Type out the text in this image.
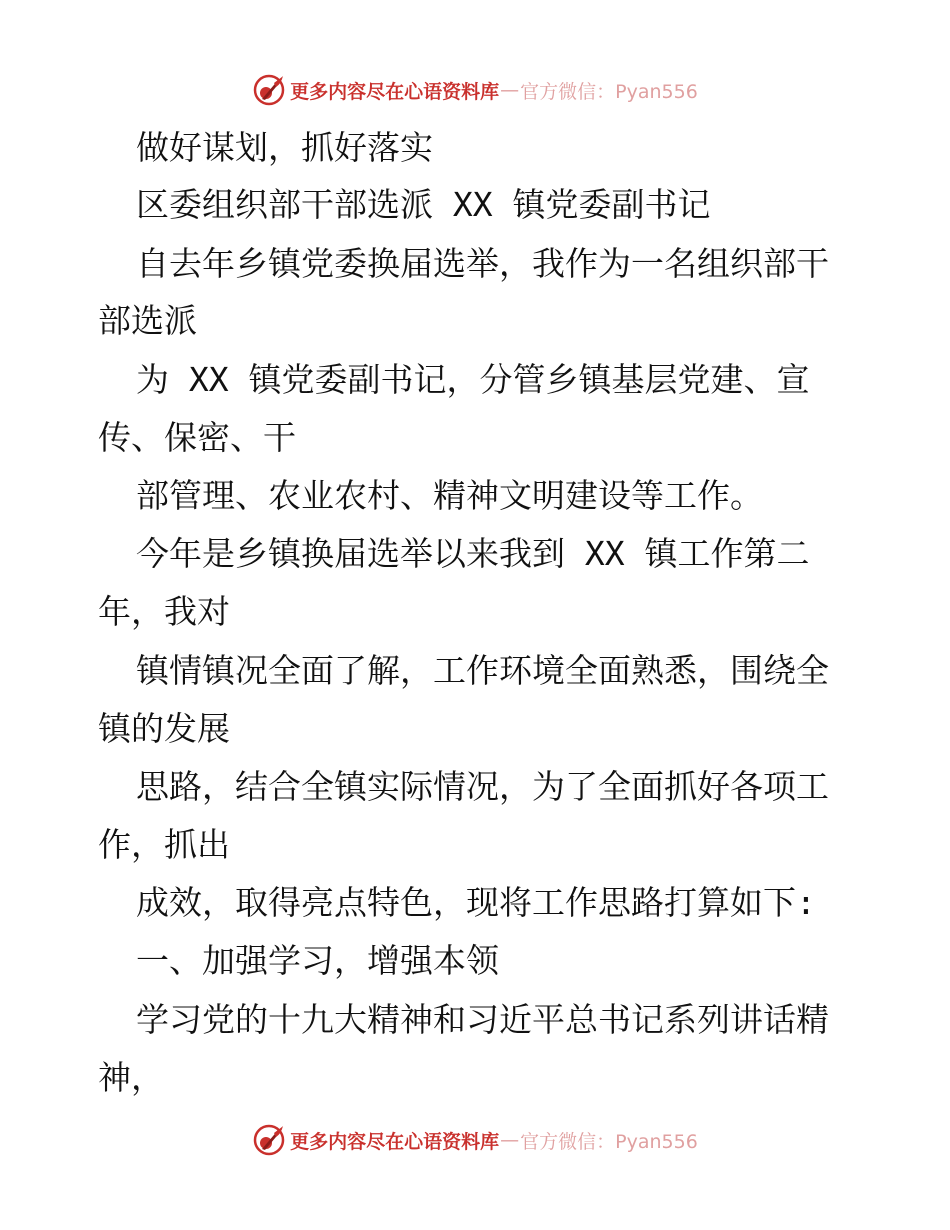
更多内容尽在心语资料库 — 官方微信：Pyan556
做好谋划，抓好落实
区委组织部干部选派 XX 镇党委副书记
自去年乡镇党委换届选举，我作为一名组织部干
部选派
为 XX 镇党委副书记，分管乡镇基层党建、宣
传、保密、干
部管理、农业农村、精神文明建设等工作。
今年是乡镇换届选举以来我到 XX 镇工作第二
年，我对
镇情镇况全面了解，工作环境全面熟悉，围绕全
镇的发展
思路，结合全镇实际情况，为了全面抓好各项工
作，抓出
成效，取得亮点特色，现将工作思路打算如下:
一、加强学习，增强本领
学习党的十九大精神和习近平总书记系列讲话精
神，
更多内容尽在心语资料库 — 官方微信：Pyan556
